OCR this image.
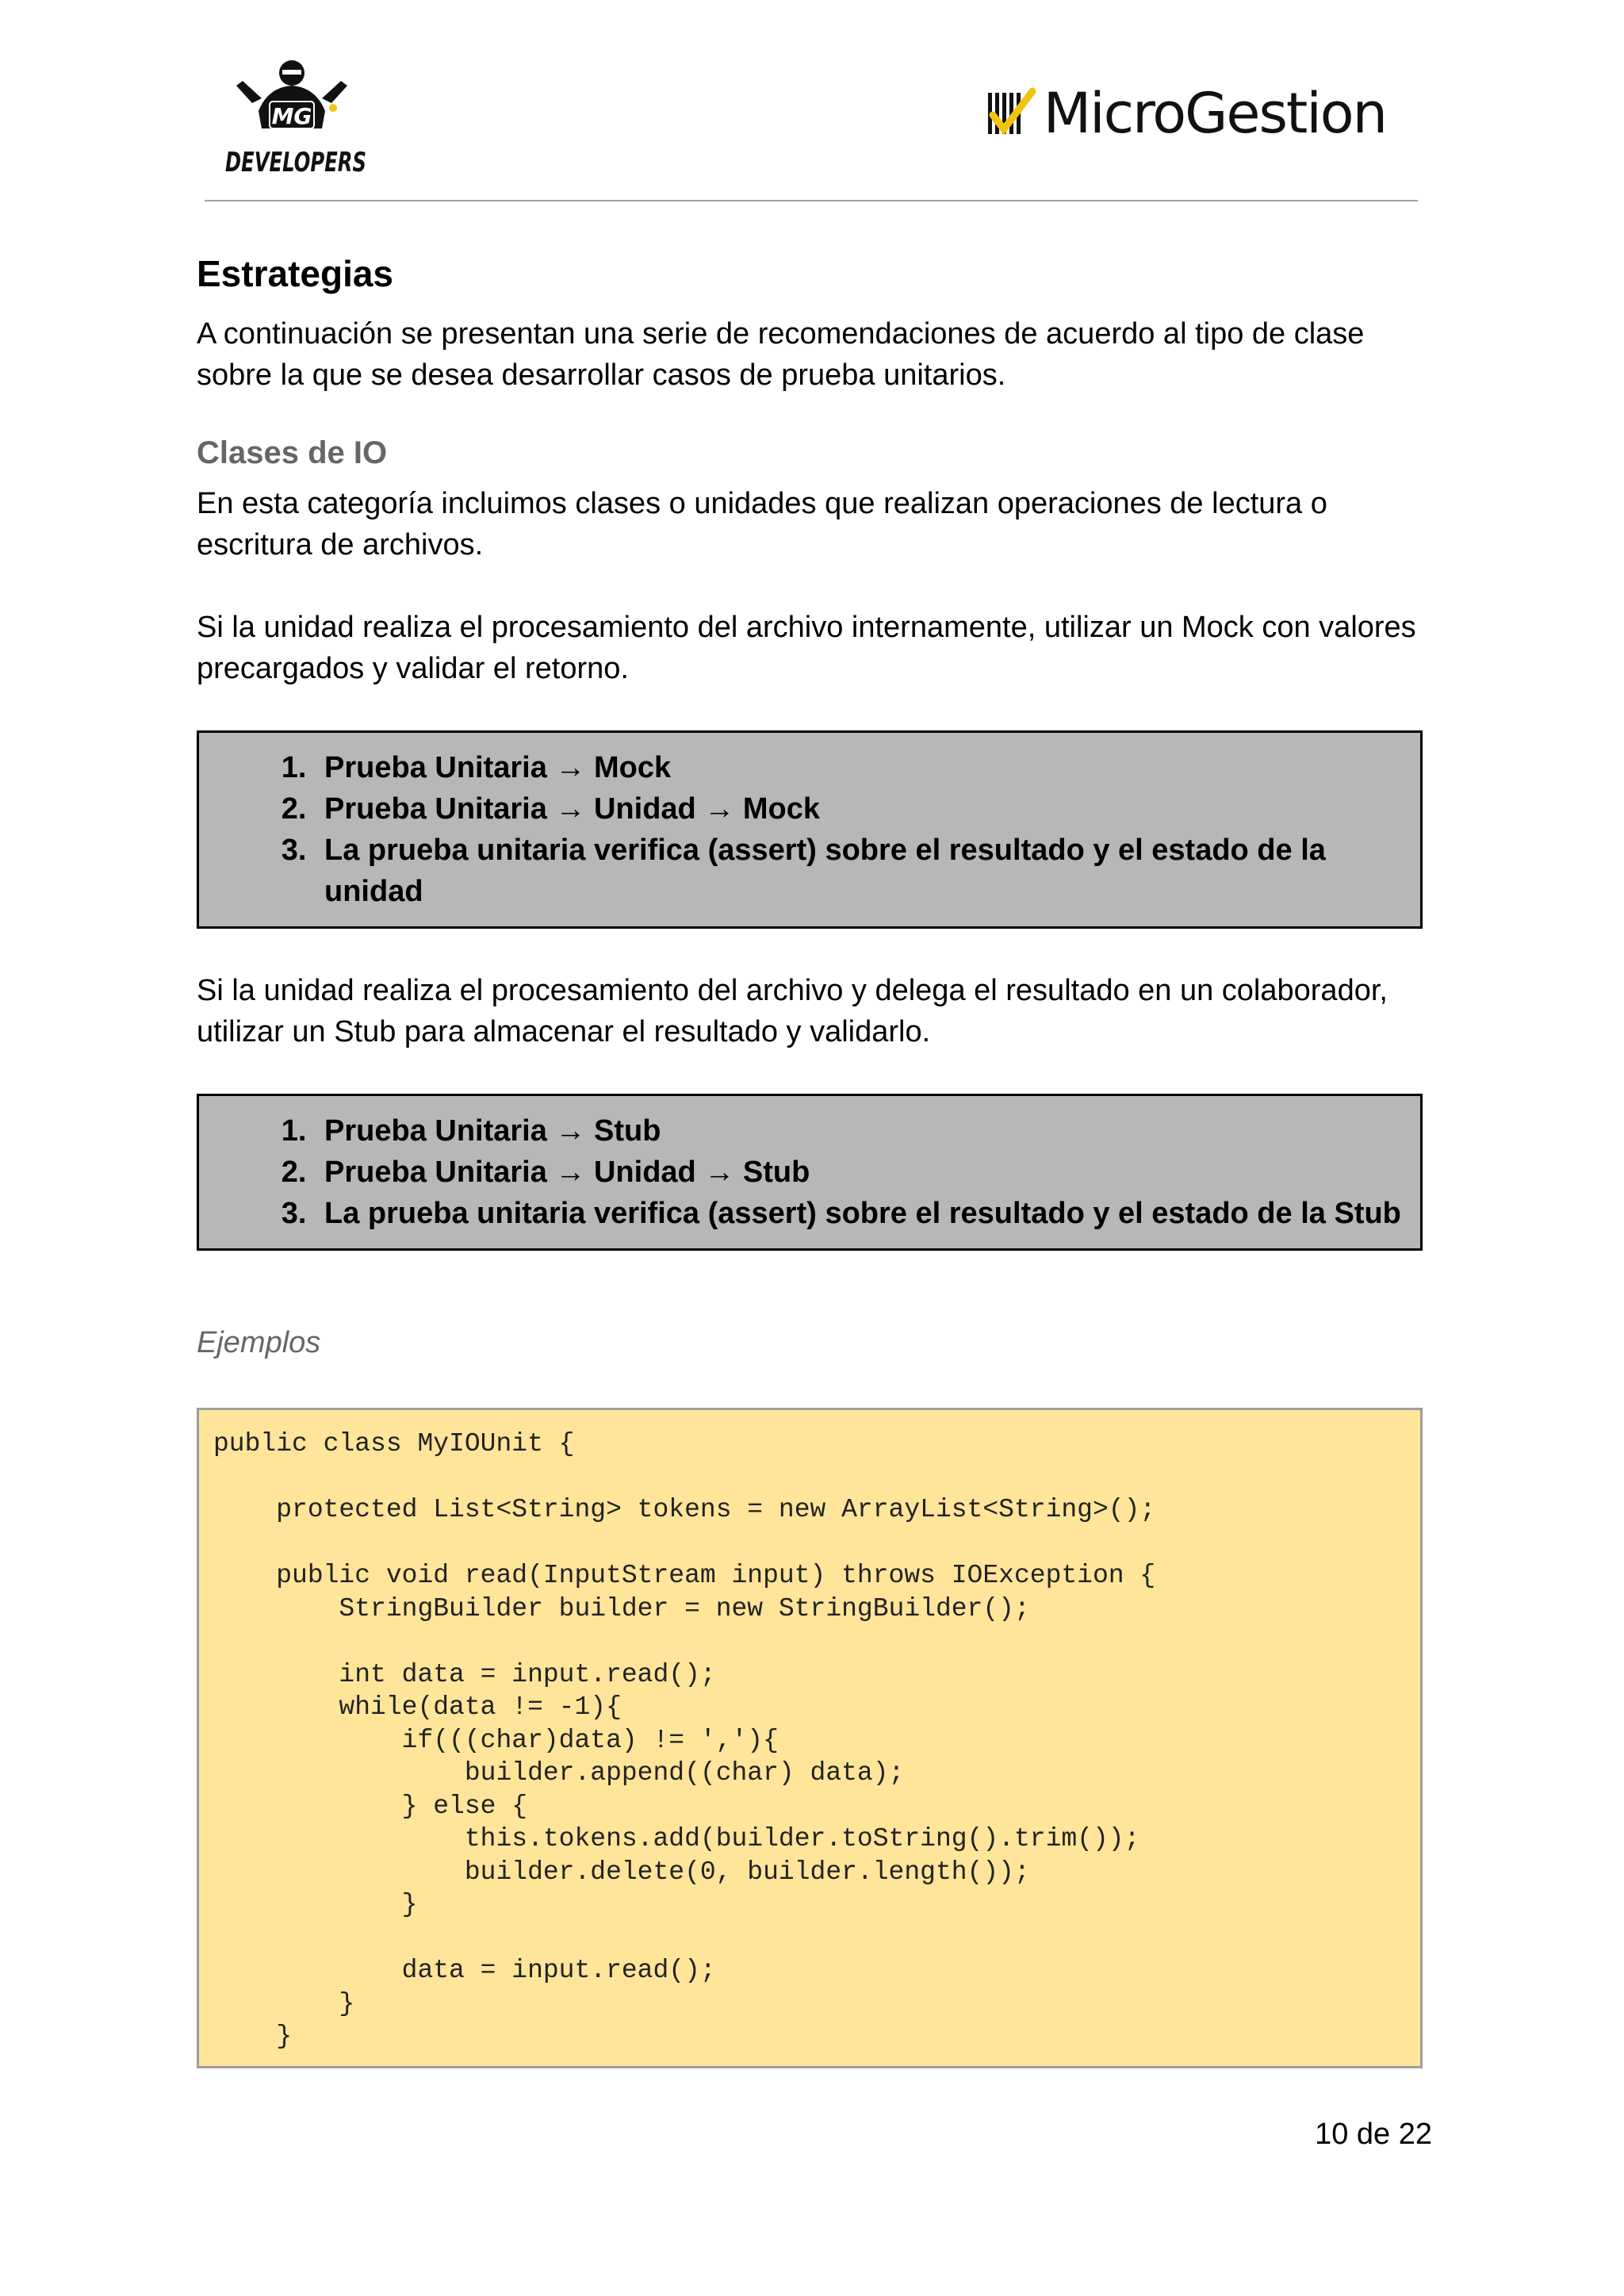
MG
DEVELOPERS
MicroGestion
Estrategias

A continuación se presentan una serie de recomendaciones de acuerdo al tipo de clase
sobre la que se desea desarrollar casos de prueba unitarios.

Clases de IO

En esta categoría incluimos clases o unidades que realizan operaciones de lectura o
escritura de archivos.

Si la unidad realiza el procesamiento del archivo internamente, utilizar un Mock con valores
precargados y validar el retorno.

1. Prueba Unitaria → Mock
2. Prueba Unitaria → Unidad → Mock
3. La prueba unitaria verifica (assert) sobre el resultado y el estado de la unidad

Si la unidad realiza el procesamiento del archivo y delega el resultado en un colaborador,
utilizar un Stub para almacenar el resultado y validarlo.

1. Prueba Unitaria → Stub
2. Prueba Unitaria → Unidad → Stub
3. La prueba unitaria verifica (assert) sobre el resultado y el estado de la Stub
Ejemplos
public class MyIOUnit {
protected List<String> tokens = new ArrayList<String>();
public void read(InputStream input) throws IOException {
StringBuilder builder = new StringBuilder();
int data = input.read();
while(data != -1){
if(((char)data) != ','){
builder.append((char) data);
} else {
this.tokens.add(builder.toString().trim());
builder.delete(0, builder.length());
}
data = input.read();
}
}
10 de 22
